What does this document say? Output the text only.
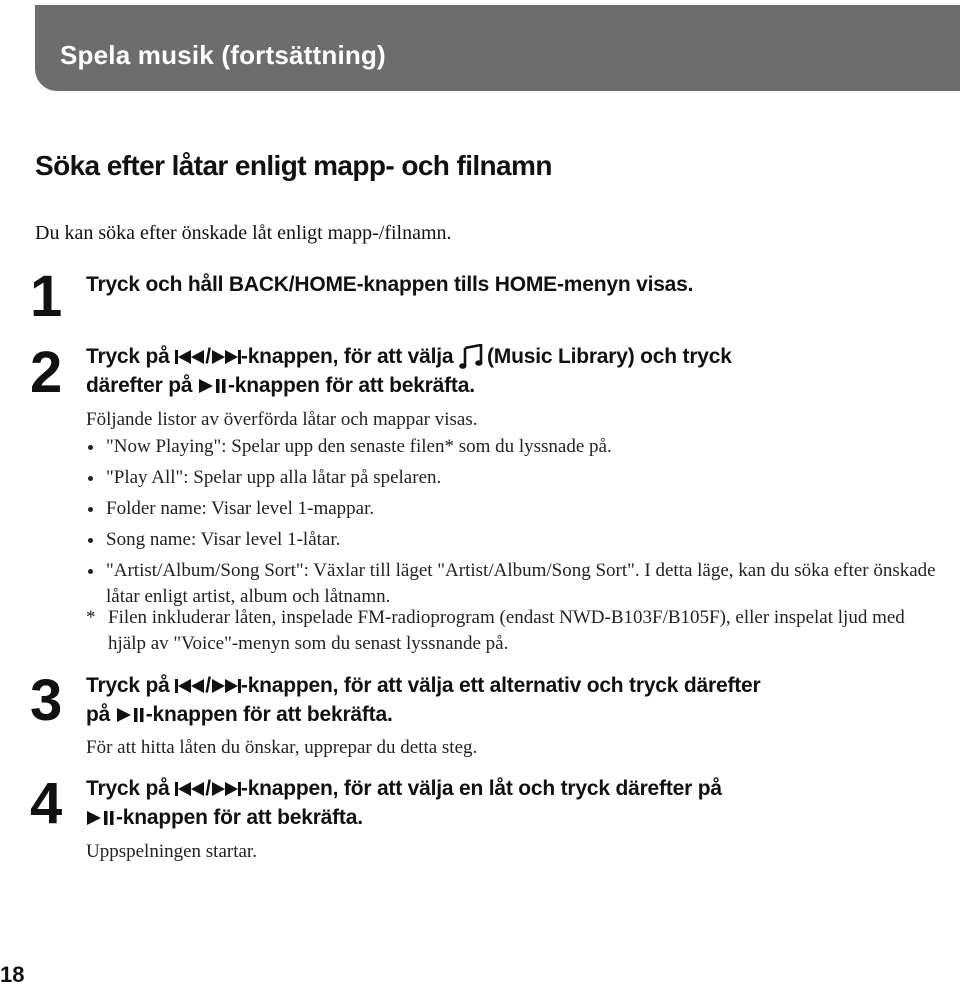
Spela musik (fortsättning)
Söka efter låtar enligt mapp- och filnamn
Du kan söka efter önskade låt enligt mapp-/filnamn.
1 Tryck och håll BACK/HOME-knappen tills HOME-menyn visas.
2 Tryck på
/ -knappen, för att välja
(Music Library) och tryck
därefter på
-knappen för att bekräfta.
Följande listor av överförda låtar och mappar visas.
"Now Playing": Spelar upp den senaste filen* som du lyssnade på.
"Play All": Spelar upp alla låtar på spelaren.
Folder name: Visar level 1-mappar.
Song name: Visar level 1-låtar.
"Artist/Album/Song Sort": Växlar till läget "Artist/Album/Song Sort". I detta läge, kan du söka efter önskade låtar enligt artist, album och låtnamn.
* Filen inkluderar låten, inspelade FM-radioprogram (endast NWD-B103F/B105F), eller inspelat ljud med hjälp av "Voice"-menyn som du senast lyssnande på.
3 Tryck på
/ -knappen, för att välja ett alternativ och tryck därefter
på
-knappen för att bekräfta.
För att hitta låten du önskar, upprepar du detta steg.
4 Tryck på
/ -knappen, för att välja en låt och tryck därefter på
-knappen för att bekräfta.
Uppspelningen startar.
18
